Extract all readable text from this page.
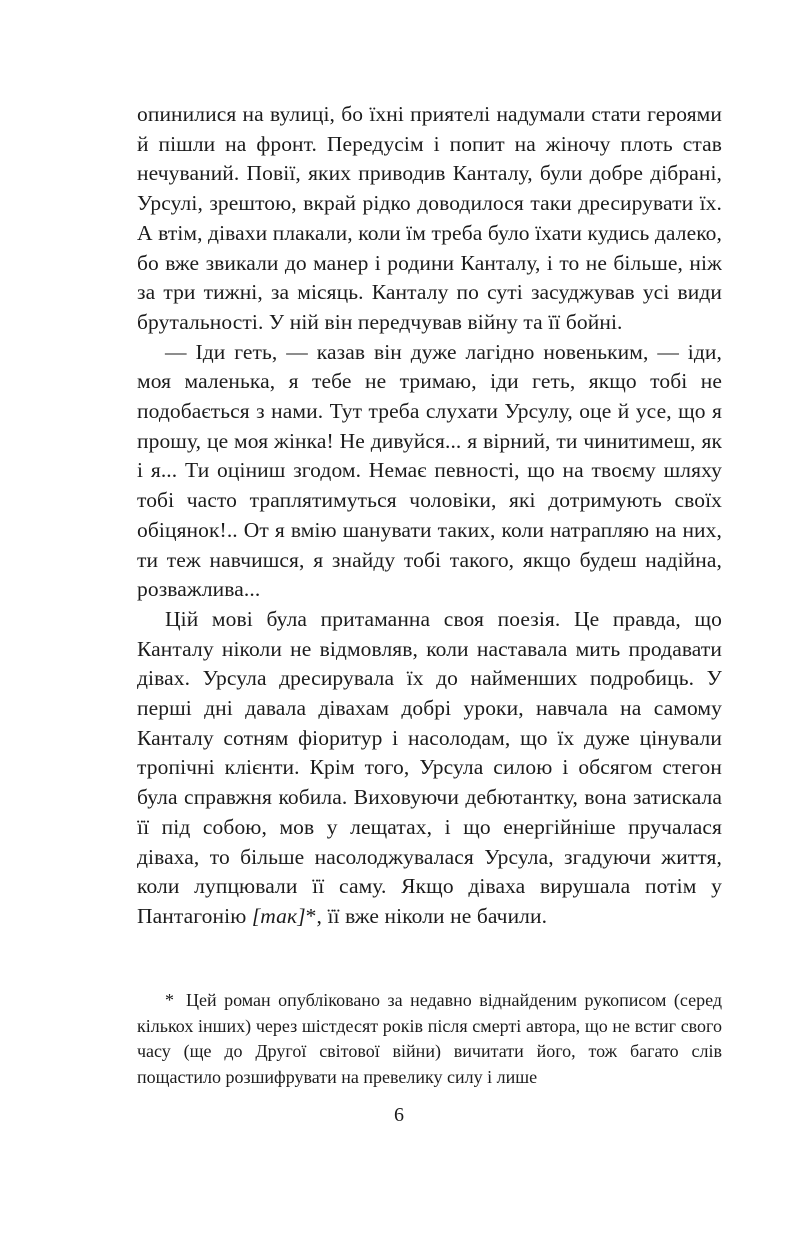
опинилися на вулиці, бо їхні приятелі надумали стати героями й пішли на фронт. Передусім і попит на жіночу плоть став нечуваний. Повії, яких приводив Канталу, були добре дібрані, Урсулі, зрештою, вкрай рідко доводилося таки дресирувати їх. А втім, дівахи плакали, коли їм треба було їхати кудись далеко, бо вже звикали до манер і родини Канталу, і то не більше, ніж за три тижні, за місяць. Канталу по суті засуджував усі види брутальності. У ній він передчував війну та її бойні.

— Іди геть, — казав він дуже лагідно новеньким, — іди, моя маленька, я тебе не тримаю, іди геть, якщо тобі не подобається з нами. Тут треба слухати Урсулу, оце й усе, що я прошу, це моя жінка! Не дивуйся... я вірний, ти чинитимеш, як і я... Ти оціниш згодом. Немає певності, що на твоєму шляху тобі часто траплятимуться чоловіки, які дотримують своїх обіцянок!.. От я вмію шанувати таких, коли натрапляю на них, ти теж навчишся, я знайду тобі такого, якщо будеш надійна, розважлива...

Цій мові була притаманна своя поезія. Це правда, що Канталу ніколи не відмовляв, коли наставала мить продавати дівах. Урсула дресирувала їх до найменших подробиць. У перші дні давала дівахам добрі уроки, навчала на самому Канталу сотням фіоритур і насолодам, що їх дуже цінували тропічні клієнти. Крім того, Урсула силою і обсягом стегон була справжня кобила. Виховуючи дебютантку, вона затискала її під собою, мов у лещатах, і що енергійніше пручалася діваха, то більше насолоджувалася Урсула, згадуючи життя, коли лупцювали її саму. Якщо діваха вирушала потім у Пантагонію [так]*, її вже ніколи не бачили.

* Цей роман опубліковано за недавно віднайденим рукописом (серед кількох інших) через шістдесят років після смерті автора, що не встиг свого часу (ще до Другої світової війни) вичитати його, тож багато слів пощастило розшифрувати на превелику силу і лише

6
